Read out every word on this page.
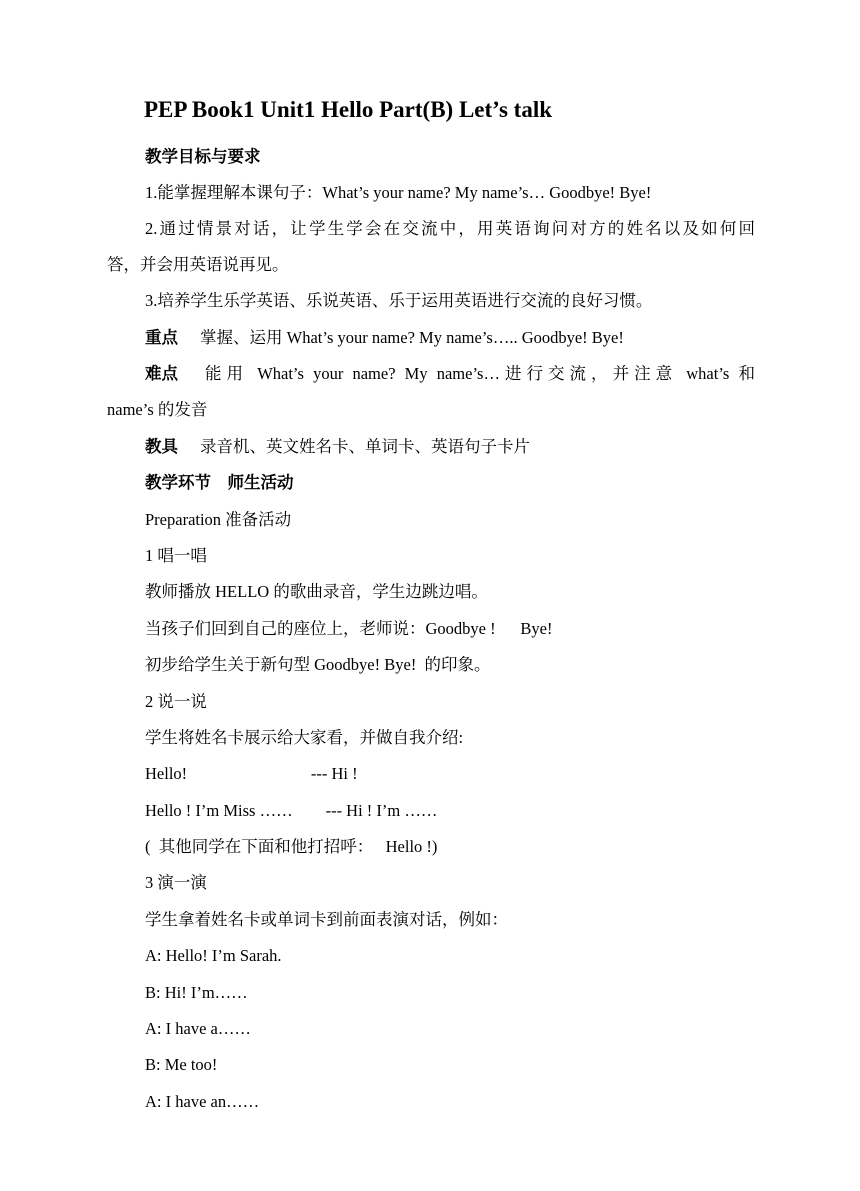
PEP Book1 Unit1 Hello Part(B) Let’s talk
教学目标与要求
1.能掌握理解本课句子：What’s your name? My name’s… Goodbye! Bye!
2.通过情景对话，让学生学会在交流中，用英语询问对方的姓名以及如何回
答，并会用英语说再见。
3.培养学生乐学英语、乐说英语、乐于运用英语进行交流的良好习惯。
重点 掌握、运用 What’s your name? My name’s….. Goodbye! Bye!
难点 能用 What’s your name? My name’s…进行交流，并注意 what’s 和
name’s 的发音
教具 录音机、英文姓名卡、单词卡、英语句子卡片
教学环节    师生活动
Preparation 准备活动
1 唱一唱
教师播放 HELLO 的歌曲录音，学生边跳边唱。
当孩子们回到自己的座位上，老师说：Goodbye !      Bye!
初步给学生关于新句型 Goodbye! Bye!  的印象。
2 说一说
学生将姓名卡展示给大家看，并做自我介绍:
Hello!                              --- Hi !
Hello ! I’m Miss ……        --- Hi ! I’m ……
(  其他同学在下面和他打招呼：   Hello !)
3 演一演
学生拿着姓名卡或单词卡到前面表演对话，例如：
A: Hello! I’m Sarah.
B: Hi! I’m……
A: I have a……
B: Me too!
A: I have an……
